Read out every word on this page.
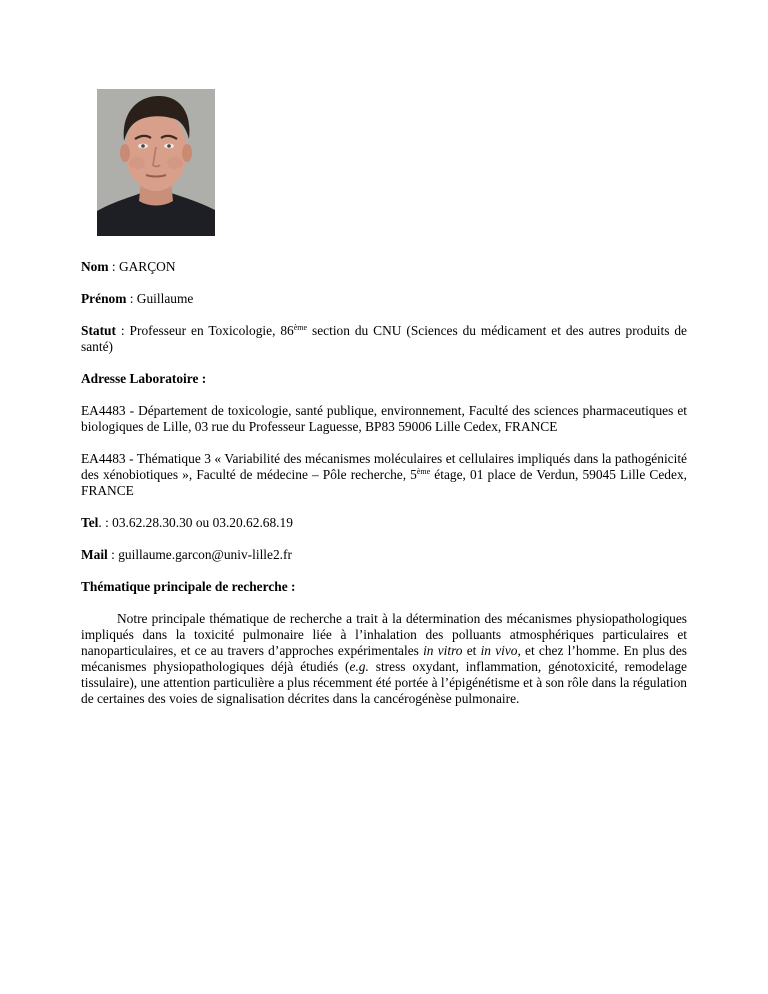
Nom : GARÇON

Prénom : Guillaume

Statut : Professeur en Toxicologie, 86ème section du CNU (Sciences du médicament et des autres produits de santé)

Adresse Laboratoire :

EA4483 - Département de toxicologie, santé publique, environnement, Faculté des sciences pharmaceutiques et biologiques de Lille, 03 rue du Professeur Laguesse, BP83 59006 Lille Cedex, FRANCE

EA4483 - Thématique 3 « Variabilité des mécanismes moléculaires et cellulaires impliqués dans la pathogénicité des xénobiotiques », Faculté de médecine – Pôle recherche, 5ème étage, 01 place de Verdun, 59045 Lille Cedex, FRANCE

Tel. : 03.62.28.30.30 ou 03.20.62.68.19

Mail : guillaume.garcon@univ-lille2.fr

Thématique principale de recherche :

Notre principale thématique de recherche a trait à la détermination des mécanismes physiopathologiques impliqués dans la toxicité pulmonaire liée à l’inhalation des polluants atmosphériques particulaires et nanoparticulaires, et ce au travers d’approches expérimentales in vitro et in vivo, et chez l’homme. En plus des mécanismes physiopathologiques déjà étudiés (e.g. stress oxydant, inflammation, génotoxicité, remodelage tissulaire), une attention particulière a plus récemment été portée à l’épigénétisme et à son rôle dans la régulation de certaines des voies de signalisation décrites dans la cancérogénèse pulmonaire.
